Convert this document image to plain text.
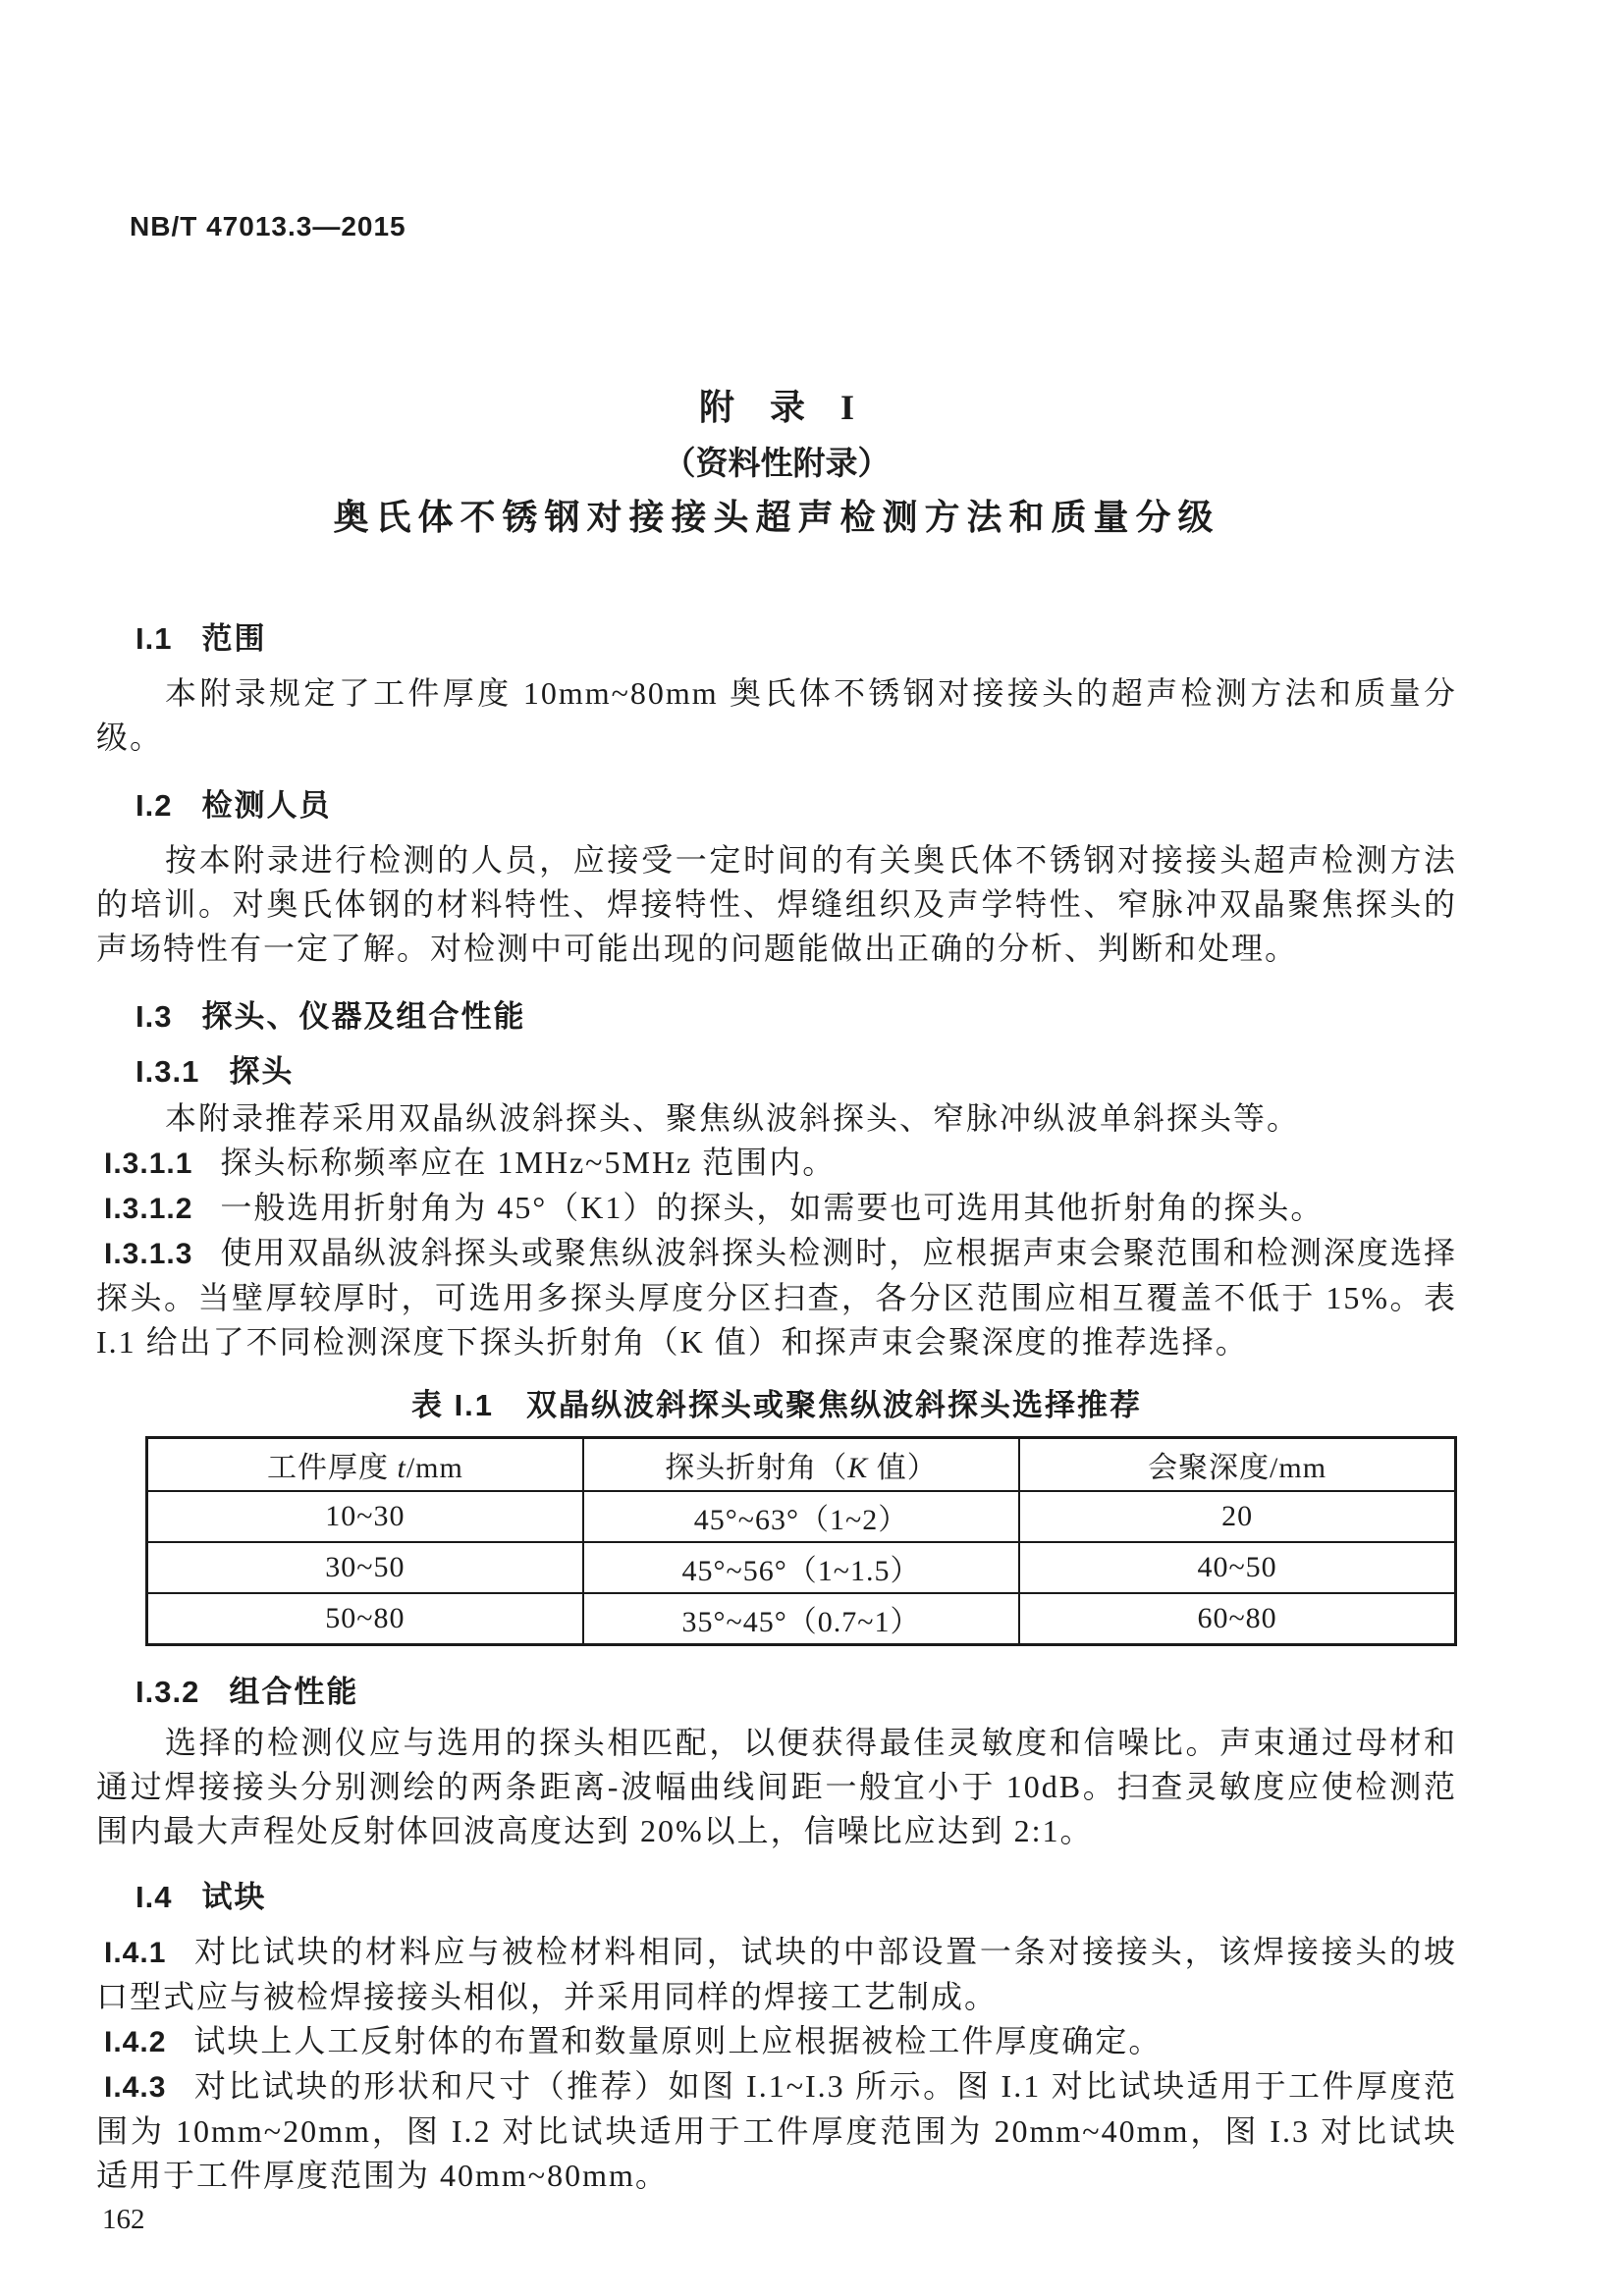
NB/T 47013.3—2015
附　录　I
（资料性附录）
奥氏体不锈钢对接接头超声检测方法和质量分级
I.1 范围

本附录规定了工件厚度 10mm~80mm 奥氏体不锈钢对接接头的超声检测方法和质量分级。

I.2 检测人员

按本附录进行检测的人员，应接受一定时间的有关奥氏体不锈钢对接接头超声检测方法的培训。对奥氏体钢的材料特性、焊接特性、焊缝组织及声学特性、窄脉冲双晶聚焦探头的声场特性有一定了解。对检测中可能出现的问题能做出正确的分析、判断和处理。

I.3 探头、仪器及组合性能
I.3.1 探头

本附录推荐采用双晶纵波斜探头、聚焦纵波斜探头、窄脉冲纵波单斜探头等。

I.3.1.1 探头标称频率应在 1MHz~5MHz 范围内。

I.3.1.2 一般选用折射角为 45°（K1）的探头，如需要也可选用其他折射角的探头。

I.3.1.3 使用双晶纵波斜探头或聚焦纵波斜探头检测时，应根据声束会聚范围和检测深度选择探头。当壁厚较厚时，可选用多探头厚度分区扫查，各分区范围应相互覆盖不低于 15%。表 I.1 给出了不同检测深度下探头折射角（K 值）和探声束会聚深度的推荐选择。

表 I.1　双晶纵波斜探头或聚焦纵波斜探头选择推荐
工件厚度 t/mm	探头折射角（K 值）	会聚深度/mm
10~30	45°~63°（1~2）	20
30~50	45°~56°（1~1.5）	40~50
50~80	35°~45°（0.7~1）	60~80
I.3.2 组合性能

选择的检测仪应与选用的探头相匹配，以便获得最佳灵敏度和信噪比。声束通过母材和通过焊接接头分别测绘的两条距离-波幅曲线间距一般宜小于 10dB。扫查灵敏度应使检测范围内最大声程处反射体回波高度达到 20%以上，信噪比应达到 2:1。

I.4 试块

I.4.1 对比试块的材料应与被检材料相同，试块的中部设置一条对接接头，该焊接接头的坡口型式应与被检焊接接头相似，并采用同样的焊接工艺制成。

I.4.2 试块上人工反射体的布置和数量原则上应根据被检工件厚度确定。

I.4.3 对比试块的形状和尺寸（推荐）如图 I.1~I.3 所示。图 I.1 对比试块适用于工件厚度范围为 10mm~20mm，图 I.2 对比试块适用于工件厚度范围为 20mm~40mm，图 I.3 对比试块适用于工件厚度范围为 40mm~80mm。

162
